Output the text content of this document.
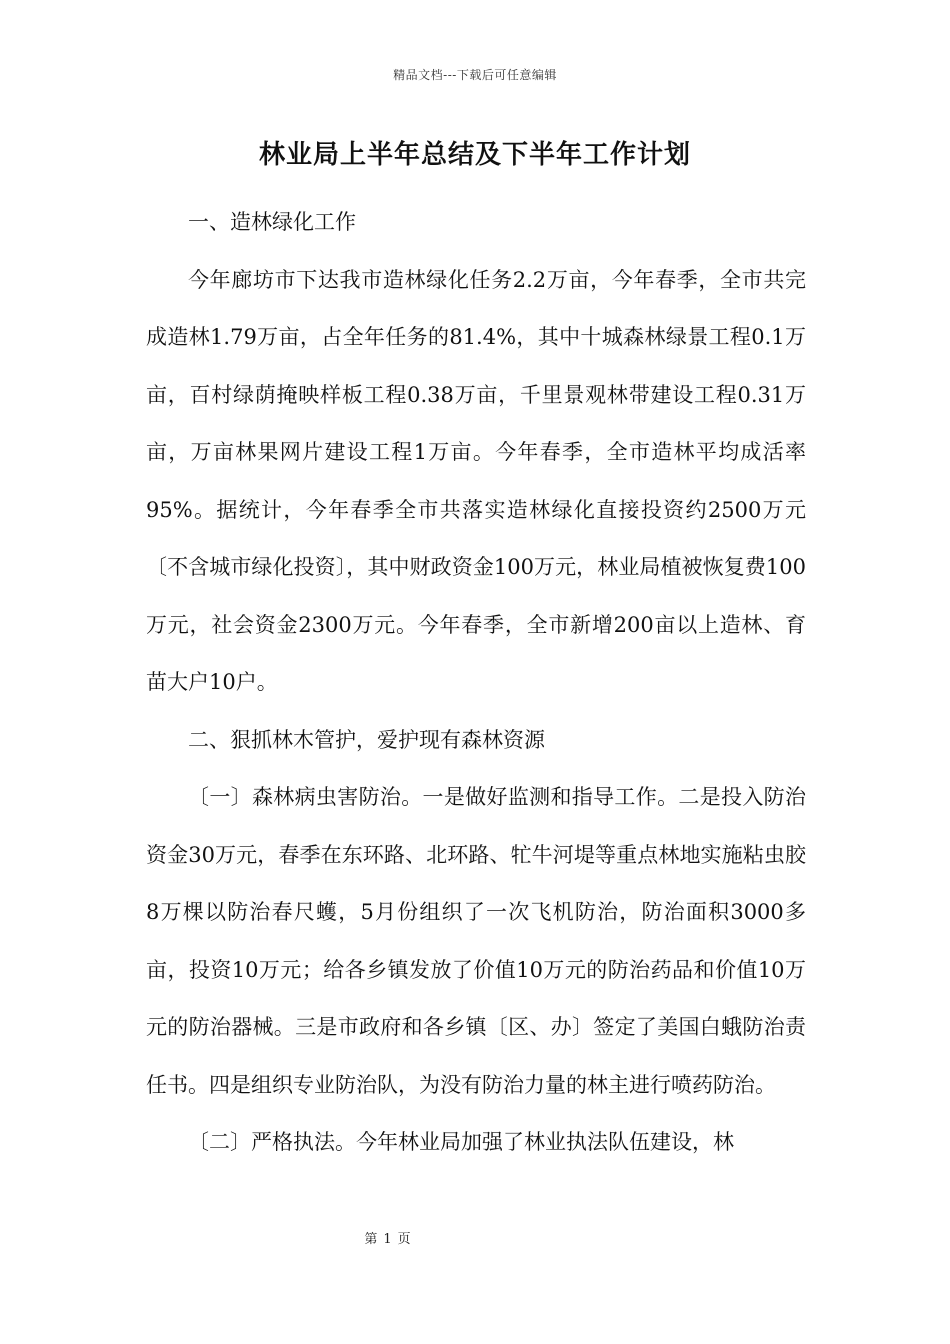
精品文档---下载后可任意编辑
林业局上半年总结及下半年工作计划

一、造林绿化工作

今年廊坊市下达我市造林绿化任务2.2万亩，今年春季，全市共完成造林1.79万亩，占全年任务的81.4%，其中十城森林绿景工程0.1万亩，百村绿荫掩映样板工程0.38万亩，千里景观林带建设工程0.31万亩，万亩林果网片建设工程1万亩。今年春季，全市造林平均成活率95%。据统计，今年春季全市共落实造林绿化直接投资约2500万元〔不含城市绿化投资〕，其中财政资金100万元，林业局植被恢复费100万元，社会资金2300万元。今年春季，全市新增200亩以上造林、育苗大户10户。

二、狠抓林木管护，爱护现有森林资源

〔一〕森林病虫害防治。一是做好监测和指导工作。二是投入防治资金30万元，春季在东环路、北环路、牤牛河堤等重点林地实施粘虫胶8万棵以防治春尺蠖，5月份组织了一次飞机防治，防治面积3000多亩，投资10万元；给各乡镇发放了价值10万元的防治药品和价值10万元的防治器械。三是市政府和各乡镇〔区、办〕签定了美国白蛾防治责任书。四是组织专业防治队，为没有防治力量的林主进行喷药防治。

〔二〕严格执法。今年林业局加强了林业执法队伍建设，林

第 1 页
